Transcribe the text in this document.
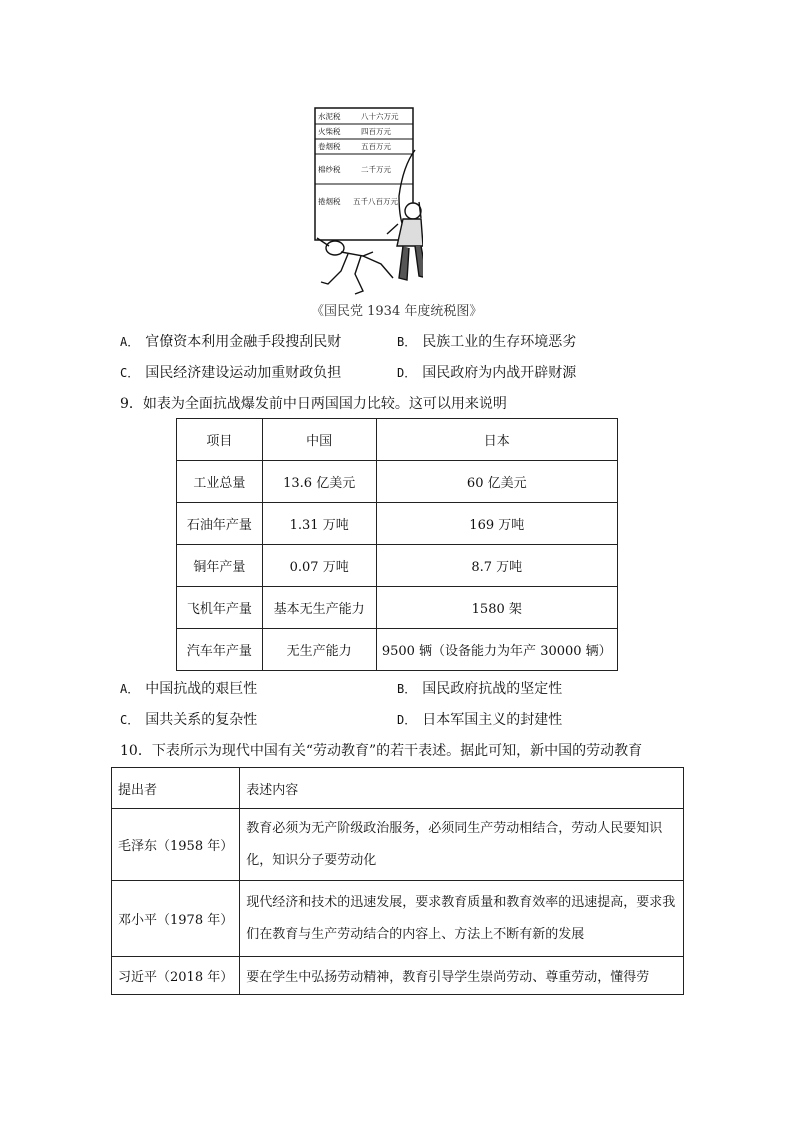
水泥税	八十六万元
火柴税	四百万元
卷烟税	五百万元
棉纱税	二千万元
捲烟税 五千八百万元
《国民党 1934 年度统税图》
A． 官僚资本利用金融手段搜刮民财	B． 民族工业的生存环境恶劣
C． 国民经济建设运动加重财政负担	D． 国民政府为内战开辟财源
9．如表为全面抗战爆发前中日两国国力比较。这可以用来说明
项目	中国	日本
工业总量	13.6 亿美元	60 亿美元
石油年产量	1.31 万吨	169 万吨
铜年产量	0.07 万吨	8.7 万吨
飞机年产量	基本无生产能力	1580 架
汽车年产量	无生产能力	9500 辆（设备能力为年产 30000 辆）
A． 中国抗战的艰巨性	B． 国民政府抗战的坚定性
C． 国共关系的复杂性	D． 日本军国主义的封建性
10．下表所示为现代中国有关“劳动教育”的若干表述。据此可知，新中国的劳动教育
提出者	表述内容
毛泽东（1958 年）	教育必须为无产阶级政治服务，必须同生产劳动相结合，劳动人民要知识化，知识分子要劳动化
邓小平（1978 年）	现代经济和技术的迅速发展，要求教育质量和教育效率的迅速提高，要求我们在教育与生产劳动结合的内容上、方法上不断有新的发展
习近平（2018 年）	要在学生中弘扬劳动精神，教育引导学生崇尚劳动、尊重劳动，懂得劳
